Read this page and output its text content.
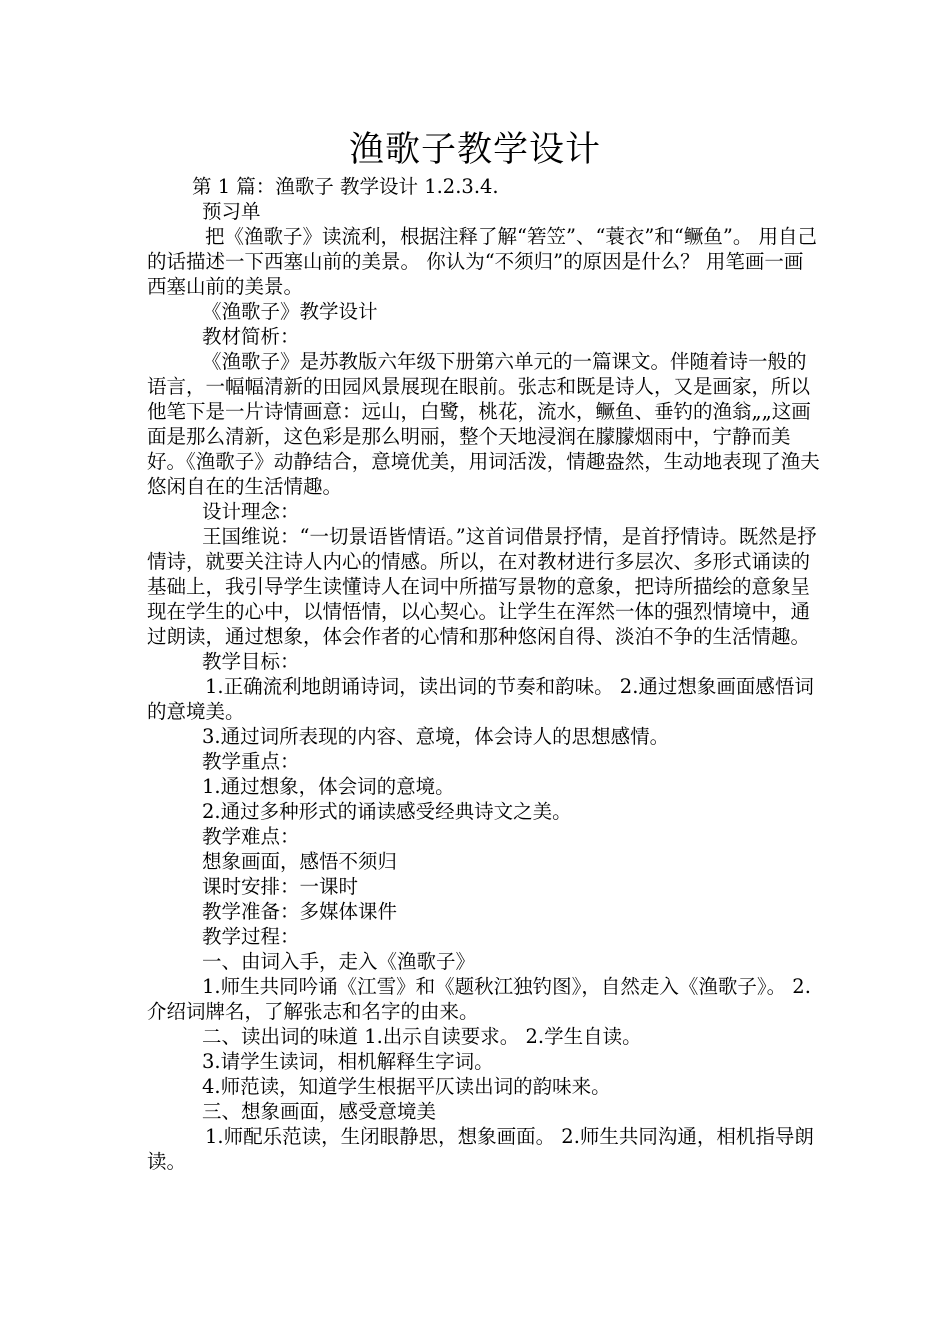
渔歌子教学设计

第 1 篇：渔歌子 教学设计 1.2.3.4.

预习单

把《渔歌子》读流利，根据注释了解“箬笠”、“蓑衣”和“鳜鱼”。 用自己的话描述一下西塞山前的美景。 你认为“不须归”的原因是什么？ 用笔画一画西塞山前的美景。

《渔歌子》教学设计

教材简析：

《渔歌子》是苏教版六年级下册第六单元的一篇课文。伴随着诗一般的语言，一幅幅清新的田园风景展现在眼前。张志和既是诗人，又是画家，所以他笔下是一片诗情画意：远山，白鹭，桃花，流水，鳜鱼、垂钓的渔翁„„这画面是那么清新，这色彩是那么明丽，整个天地浸润在朦朦烟雨中，宁静而美好。《渔歌子》动静结合，意境优美，用词活泼，情趣盎然，生动地表现了渔夫悠闲自在的生活情趣。

设计理念：

王国维说：“一切景语皆情语。”这首词借景抒情，是首抒情诗。既然是抒情诗，就要关注诗人内心的情感。所以，在对教材进行多层次、多形式诵读的基础上，我引导学生读懂诗人在词中所描写景物的意象，把诗所描绘的意象呈现在学生的心中，以情悟情，以心契心。让学生在浑然一体的强烈情境中，通过朗读，通过想象，体会作者的心情和那种悠闲自得、淡泊不争的生活情趣。

教学目标：

1.正确流利地朗诵诗词，读出词的节奏和韵味。 2.通过想象画面感悟词的意境美。

3.通过词所表现的内容、意境，体会诗人的思想感情。

教学重点：

1.通过想象，体会词的意境。

2.通过多种形式的诵读感受经典诗文之美。

教学难点：

想象画面，感悟不须归

课时安排：一课时

教学准备：多媒体课件

教学过程：

一、由词入手，走入《渔歌子》

1.师生共同吟诵《江雪》和《题秋江独钓图》，自然走入《渔歌子》。 2.介绍词牌名，了解张志和名字的由来。

二、读出词的味道 1.出示自读要求。 2.学生自读。

3.请学生读词，相机解释生字词。

4.师范读，知道学生根据平仄读出词的韵味来。

三、想象画面，感受意境美

1.师配乐范读，生闭眼静思，想象画面。 2.师生共同沟通，相机指导朗读。
